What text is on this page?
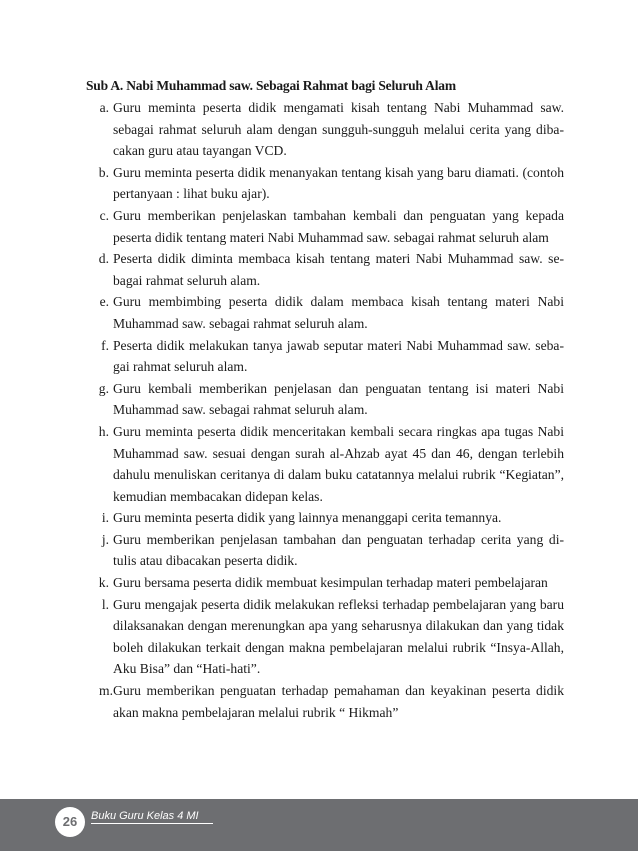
Sub A. Nabi Muhammad saw. Sebagai Rahmat bagi Seluruh Alam
a. Guru meminta peserta didik mengamati kisah tentang Nabi Muhammad saw. sebagai rahmat seluruh alam dengan sungguh-sungguh melalui cerita yang diba-cakan guru atau tayangan VCD.
b. Guru meminta peserta didik menanyakan tentang kisah yang baru diamati. (contoh pertanyaan : lihat buku ajar).
c. Guru memberikan penjelaskan tambahan kembali dan penguatan yang kepada peserta didik tentang materi Nabi Muhammad saw. sebagai rahmat seluruh alam
d. Peserta didik diminta membaca kisah tentang materi Nabi Muhammad saw. se-bagai rahmat seluruh alam.
e. Guru membimbing peserta didik dalam membaca kisah tentang materi Nabi Muhammad saw. sebagai rahmat seluruh alam.
f. Peserta didik melakukan tanya jawab seputar materi Nabi Muhammad saw. seba-gai rahmat seluruh alam.
g. Guru kembali memberikan penjelasan dan penguatan tentang isi materi Nabi Muhammad saw. sebagai rahmat seluruh alam.
h. Guru meminta peserta didik menceritakan kembali secara ringkas apa tugas Nabi Muhammad saw. sesuai dengan surah al-Ahzab ayat 45 dan 46, dengan terlebih dahulu menuliskan ceritanya di dalam buku catatannya melalui rubrik “Kegiatan”, kemudian membacakan didepan kelas.
i. Guru meminta peserta didik yang lainnya menanggapi cerita temannya.
j. Guru memberikan penjelasan tambahan dan penguatan terhadap cerita yang di-tulis atau dibacakan peserta didik.
k. Guru bersama peserta didik membuat kesimpulan terhadap materi pembelajaran
l. Guru mengajak peserta didik melakukan refleksi terhadap pembelajaran yang baru dilaksanakan dengan merenungkan apa yang seharusnya dilakukan dan yang tidak boleh dilakukan terkait dengan makna pembelajaran melalui rubrik “Insya-Allah, Aku Bisa” dan “Hati-hati”.
m. Guru memberikan penguatan terhadap pemahaman dan keyakinan peserta didik akan makna pembelajaran melalui rubrik “ Hikmah”
26	Buku Guru Kelas 4 MI
